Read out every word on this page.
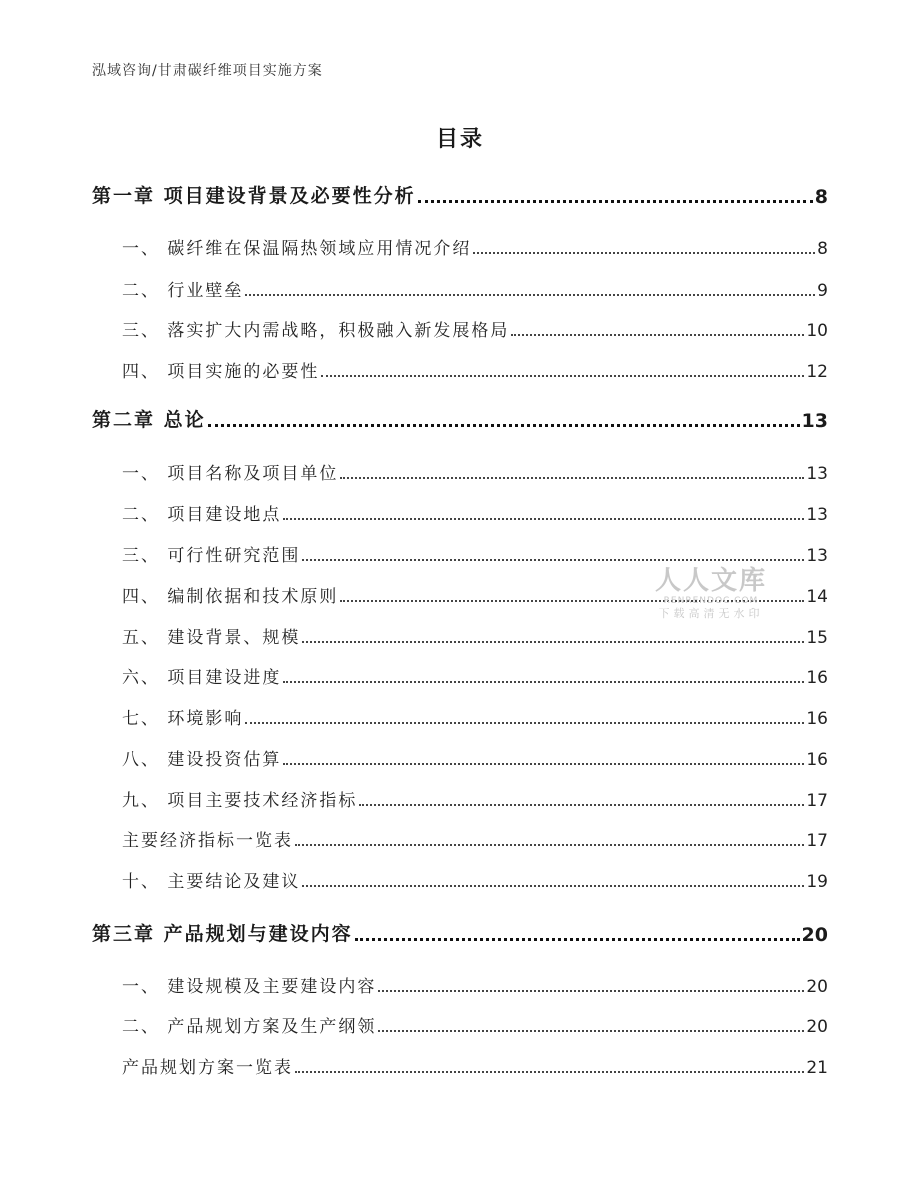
泓域咨询/甘肃碳纤维项目实施方案
目录
第一章 项目建设背景及必要性分析	8
一、 碳纤维在保温隔热领域应用情况介绍	8
二、 行业壁垒	9
三、 落实扩大内需战略，积极融入新发展格局	10
四、 项目实施的必要性	12
第二章 总论	13
一、 项目名称及项目单位	13
二、 项目建设地点	13
三、 可行性研究范围	13
四、 编制依据和技术原则	14
五、 建设背景、规模	15
六、 项目建设进度	16
七、 环境影响	16
八、 建设投资估算	16
九、 项目主要技术经济指标	17
主要经济指标一览表	17
十、 主要结论及建议	19
第三章 产品规划与建设内容	20
一、 建设规模及主要建设内容	20
二、 产品规划方案及生产纲领	20
产品规划方案一览表	21
人人文库
RENRENDOC.COM
下载高清无水印
